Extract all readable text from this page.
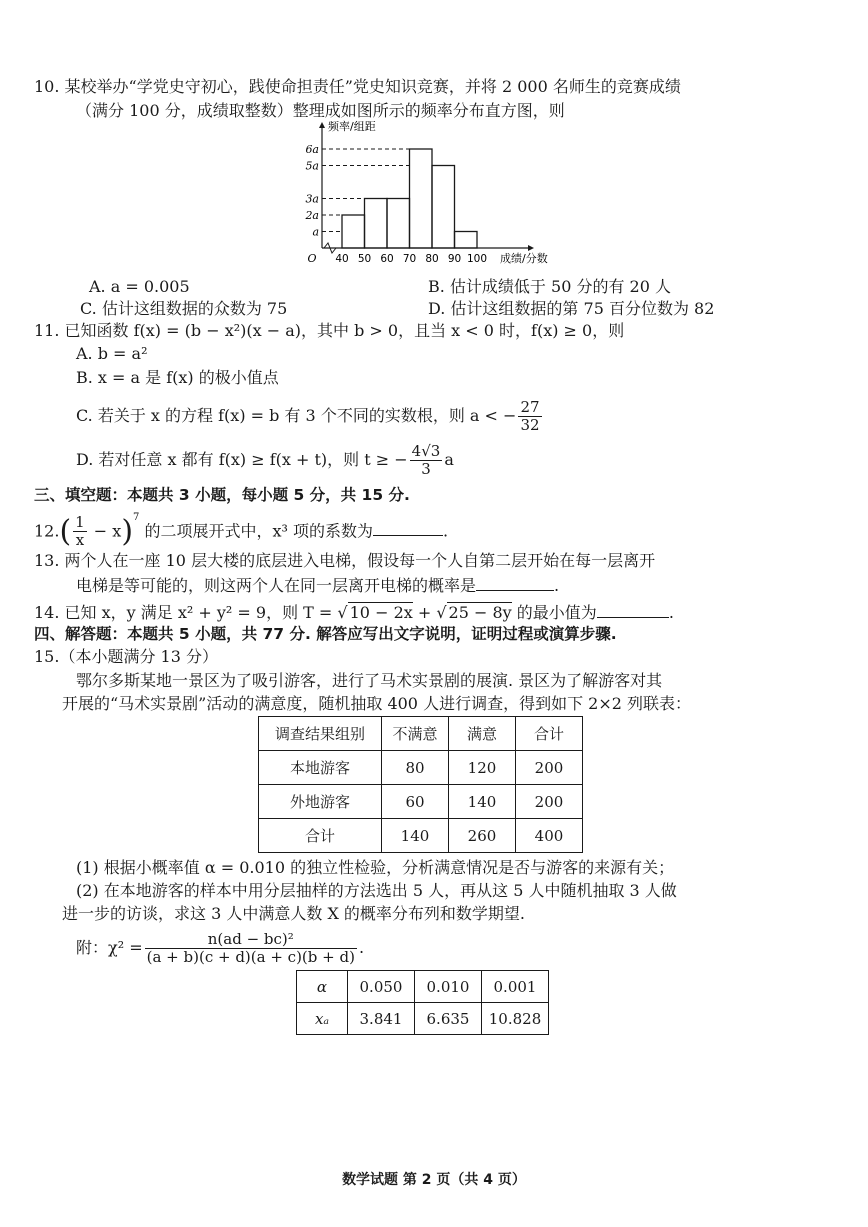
10. 某校举办“学党史守初心，践使命担责任”党史知识竞赛，并将 2 000 名师生的竞赛成绩
（满分 100 分，成绩取整数）整理成如图所示的频率分布直方图，则
a
2a
3a
5a
6a
40 50 60 70 80 90 100
O
频率/组距
成绩/分数
A. a = 0.005	B. 估计成绩低于 50 分的有 20 人
C. 估计这组数据的众数为 75	D. 估计这组数据的第 75 百分位数为 82
11. 已知函数 f(x) = (b − x²)(x − a)，其中 b > 0，且当 x < 0 时，f(x) ≥ 0，则
A. b = a²
B. x = a 是 f(x) 的极小值点
C. 若关于 x 的方程 f(x) = b 有 3 个不同的实数根，则 a < − $\frac{27}{32}$
D. 若对任意 x 都有 f(x) ≥ f(x + t)，则 t ≥ − $\frac{4√3}{3}$ a
三、填空题：本题共 3 小题，每小题 5 分，共 15 分.
$12.( \frac{1}{x} - x)^7$ 的二项展开式中，x³ 项的系数为	.
13. 两个人在一座 10 层大楼的底层进入电梯，假设每一个人自第二层开始在每一层离开
电梯是等可能的，则这两个人在同一层离开电梯的概率是	.
14. 已知 x，y 满足 x² + y² = 9，则 T = √ 10 − 2x + √ 25 − 8y 的最小值为	.
四、解答题：本题共 5 小题，共 77 分. 解答应写出文字说明，证明过程或演算步骤.
15.（本小题满分 13 分）
鄂尔多斯某地一景区为了吸引游客，进行了马术实景剧的展演. 景区为了解游客对其
开展的“马术实景剧”活动的满意度，随机抽取 400 人进行调查，得到如下 2×2 列联表：
调查结果组别	不满意	满意	合计
本地游客	80	120	200
外地游客	60	140	200
合计	140	260	400
(1) 根据小概率值 α = 0.010 的独立性检验，分析满意情况是否与游客的来源有关；
(2) 在本地游客的样本中用分层抽样的方法选出 5 人，再从这 5 人中随机抽取 3 人做
进一步的访谈，求这 3 人中满意人数 X 的概率分布列和数学期望.
附：$\chi^2 = \frac{\text{n(ad − bc)²}}{(a + b)(c + d)(a + c)(b + d)}$ .
α	0.050	0.010	0.001
xₐ	3.841	6.635	10.828
数学试题 第 2 页（共 4 页）
